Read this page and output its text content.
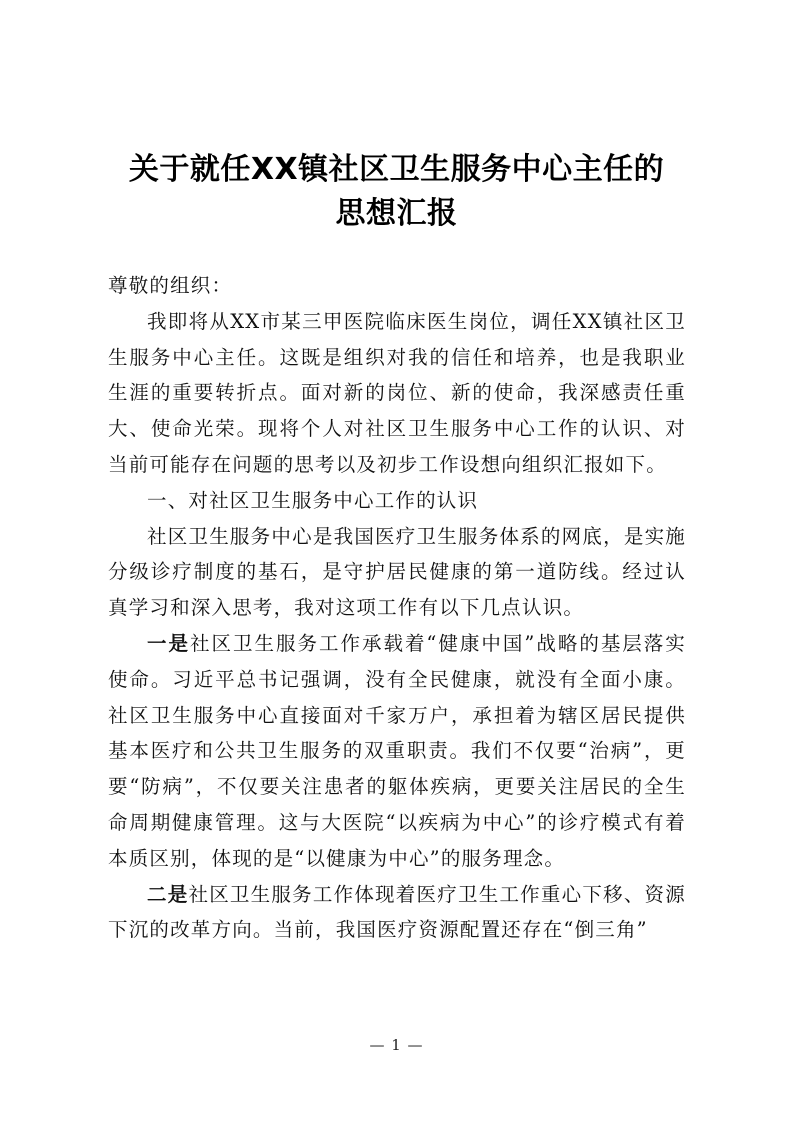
关于就任XX镇社区卫生服务中心主任的
思想汇报

尊敬的组织：

我即将从XX市某三甲医院临床医生岗位，调任XX镇社区卫生服务中心主任。这既是组织对我的信任和培养，也是我职业生涯的重要转折点。面对新的岗位、新的使命，我深感责任重大、使命光荣。现将个人对社区卫生服务中心工作的认识、对当前可能存在问题的思考以及初步工作设想向组织汇报如下。

一、对社区卫生服务中心工作的认识

社区卫生服务中心是我国医疗卫生服务体系的网底，是实施分级诊疗制度的基石，是守护居民健康的第一道防线。经过认真学习和深入思考，我对这项工作有以下几点认识。

一是社区卫生服务工作承载着“健康中国”战略的基层落实使命。习近平总书记强调，没有全民健康，就没有全面小康。社区卫生服务中心直接面对千家万户，承担着为辖区居民提供基本医疗和公共卫生服务的双重职责。我们不仅要“治病”，更要“防病”，不仅要关注患者的躯体疾病，更要关注居民的全生命周期健康管理。这与大医院“以疾病为中心”的诊疗模式有着本质区别，体现的是“以健康为中心”的服务理念。

二是社区卫生服务工作体现着医疗卫生工作重心下移、资源下沉的改革方向。当前，我国医疗资源配置还存在“倒三角”

— 1 —
